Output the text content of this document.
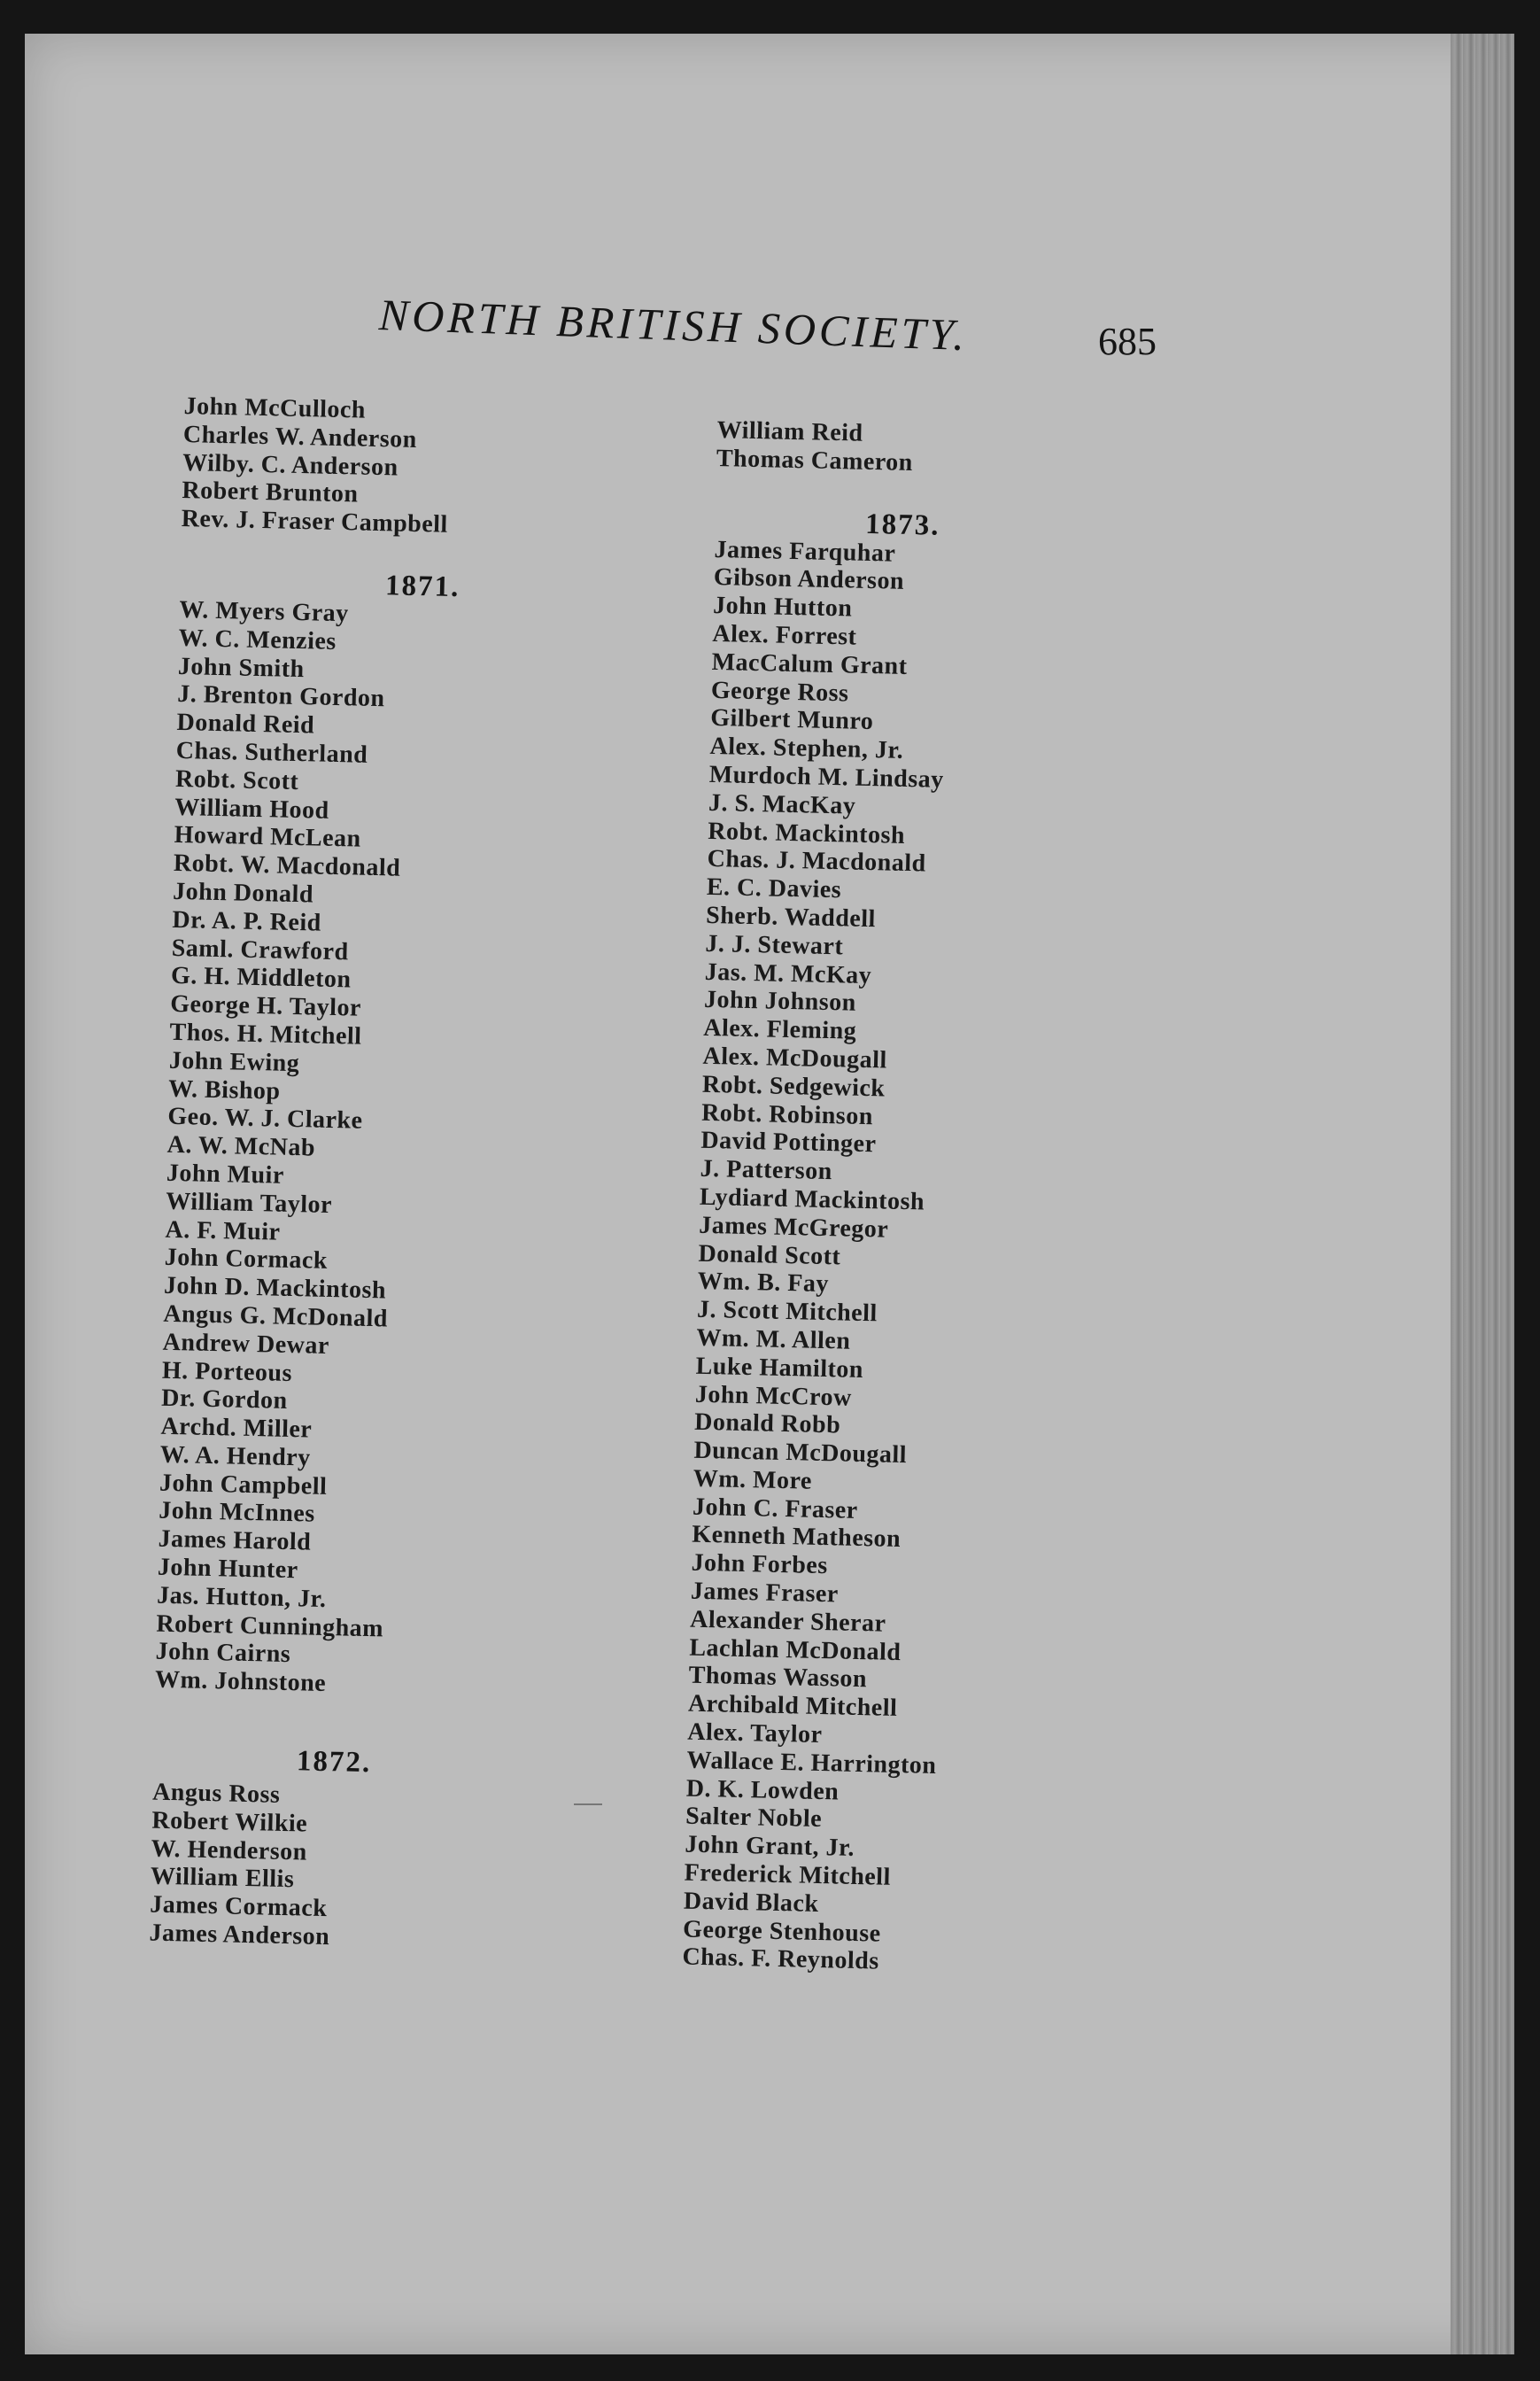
NORTH BRITISH SOCIETY.	685
John McCulloch
Charles W. Anderson
Wilby. C. Anderson
Robert Brunton
Rev. J. Fraser Campbell
1871.
W. Myers Gray
W. C. Menzies
John Smith
J. Brenton Gordon
Donald Reid
Chas. Sutherland
Robt. Scott
William Hood
Howard McLean
Robt. W. Macdonald
John Donald
Dr. A. P. Reid
Saml. Crawford
G. H. Middleton
George H. Taylor
Thos. H. Mitchell
John Ewing
W. Bishop
Geo. W. J. Clarke
A. W. McNab
John Muir
William Taylor
A. F. Muir
John Cormack
John D. Mackintosh
Angus G. McDonald
Andrew Dewar
H. Porteous
Dr. Gordon
Archd. Miller
W. A. Hendry
John Campbell
John McInnes
James Harold
John Hunter
Jas. Hutton, Jr.
Robert Cunningham
John Cairns
Wm. Johnstone
1872.
Angus Ross
Robert Wilkie
W. Henderson
William Ellis
James Cormack
James Anderson
William Reid
Thomas Cameron
1873.
James Farquhar
Gibson Anderson
John Hutton
Alex. Forrest
MacCalum Grant
George Ross
Gilbert Munro
Alex. Stephen, Jr.
Murdoch M. Lindsay
J. S. MacKay
Robt. Mackintosh
Chas. J. Macdonald
E. C. Davies
Sherb. Waddell
J. J. Stewart
Jas. M. McKay
John Johnson
Alex. Fleming
Alex. McDougall
Robt. Sedgewick
Robt. Robinson
David Pottinger
J. Patterson
Lydiard Mackintosh
James McGregor
Donald Scott
Wm. B. Fay
J. Scott Mitchell
Wm. M. Allen
Luke Hamilton
John McCrow
Donald Robb
Duncan McDougall
Wm. More
John C. Fraser
Kenneth Matheson
John Forbes
James Fraser
Alexander Sherar
Lachlan McDonald
Thomas Wasson
Archibald Mitchell
Alex. Taylor
Wallace E. Harrington
D. K. Lowden
Salter Noble
John Grant, Jr.
Frederick Mitchell
David Black
George Stenhouse
Chas. F. Reynolds
